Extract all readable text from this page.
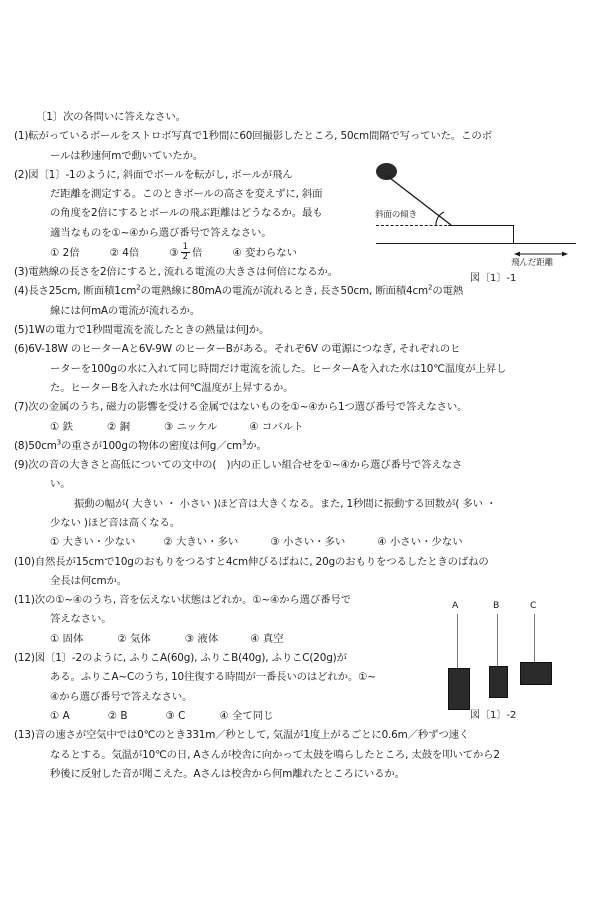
〔1〕次の各問いに答えなさい。
(1)転がっているボールをストロボ写真で1秒間に60回撮影したところ, 50cm間隔で写っていた。このボ
ールは秒速何mで動いていたか。
(2)図〔1〕-1のように, 斜面でボールを転がし, ボールが飛ん
だ距離を測定する。このときボールの高さを変えずに, 斜面
の角度を2倍にするとボールの飛ぶ距離はどうなるか。最も
適当なものを①~④から選び番号で答えなさい。
① 2倍	② 4倍	③ $\frac{1}{2}$ 倍	④ 変わらない
(3)電熱線の長さを2倍にすると, 流れる電流の大きさは何倍になるか。
(4)長さ25cm, 断面積$1cm^2$の電熱線に80mAの電流が流れるとき, 長さ50cm, 断面積$4cm^2$の電熱
線には何mAの電流が流れるか。
(5)1Wの電力で1秒間電流を流したときの熱量は何Jか。
(6)6V-18W のヒーターAと6V-9W のヒーターBがある。それぞ6V の電源につなぎ, それぞれのヒ
ーターを100gの水に入れて同じ時間だけ電流を流した。ヒーターAを入れた水は10℃温度が上昇し
た。ヒーターBを入れた水は何℃温度が上昇するか。
(7)次の金属のうち, 磁力の影響を受ける金属ではないものを①~④から1つ選び番号で答えなさい。
① 鉄	② 銅	③ ニッケル	④ コバルト
$(8)50cm^3$の重さが100gの物体の密度は何$g/cm^3$か。
(9)次の音の大きさと高低についての文中の(　)内の正しい組合せを①~④から選び番号で答えなさ
い。
振動の幅が( 大きい ・ 小さい )ほど音は大きくなる。また, 1秒間に振動する回数が( 多い ・
少ない )ほど音は高くなる。
① 大きい・少ない	② 大きい・多い	③ 小さい・多い	④ 小さい・少ない
(10)自然長が15cmで10gのおもりをつるすと4cm伸びるばねに, 20gのおもりをつるしたときのばねの
全長は何cmか。
(11)次の①~④のうち, 音を伝えない状態はどれか。①~④から選び番号で
答えなさい。
① 固体	② 気体	③ 液体	④ 真空
(12)図〔1〕-2のように, ふりこA(60g), ふりこB(40g), ふりこC(20g)が
ある。ふりこA~Cのうち, 10往復する時間が一番長いのはどれか。①~
④から選び番号で答えなさい。
① A	② B	③ C	④ 全て同じ
(13)音の速さが空気中では0℃のとき331m／秒として, 気温が1度上がるごとに0.6m／秒ずつ速く
なるとする。気温が10℃の日, Aさんが校舎に向かって太鼓を鳴らしたところ, 太鼓を叩いてから2
秒後に反射した音が聞こえた。Aさんは校舎から何m離れたところにいるか。
斜面の傾き
飛んだ距離
図〔1〕-1
A	B	C
図〔1〕-2
